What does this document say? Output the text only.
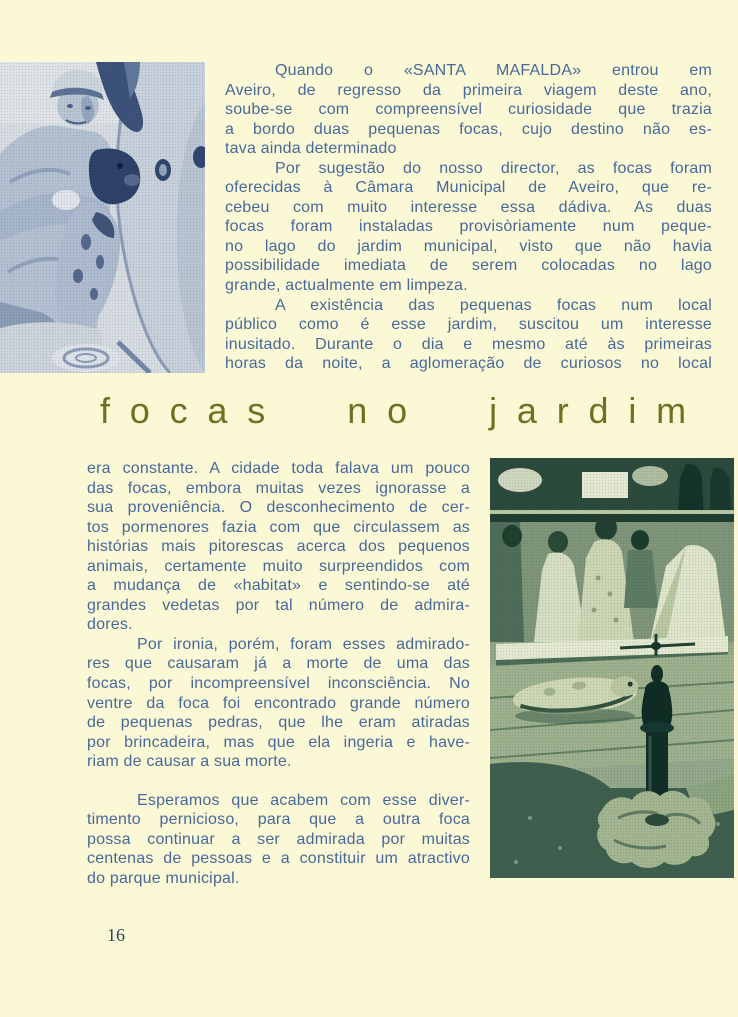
Quando o «SANTA MAFALDA» entrou em
Aveiro, de regresso da primeira viagem deste ano,
soube-se com compreensível curiosidade que trazia
a bordo duas pequenas focas, cujo destino não es-
tava ainda determinado
Por sugestão do nosso director, as focas foram
oferecidas à Câmara Municipal de Aveiro, que re-
cebeu com muito interesse essa dádiva. As duas
focas foram instaladas provisòriamente num peque-
no lago do jardim municipal, visto que não havia
possibilidade imediata de serem colocadas no lago
grande, actualmente em limpeza.
A existência das pequenas focas num local
público como é esse jardim, suscitou um interesse
inusitado. Durante o dia e mesmo até às primeiras
horas da noite, a aglomeração de curiosos no local
focas no jardim
era constante. A cidade toda falava um pouco
das focas, embora muitas vezes ignorasse a
sua proveniência. O desconhecimento de cer-
tos pormenores fazia com que circulassem as
histórias mais pitorescas acerca dos pequenos
animais, certamente muito surpreendidos com
a mudança de «habitat» e sentindo-se até
grandes vedetas por tal número de admira-
dores.
Por ironia, porém, foram esses admirado-
res que causaram já a morte de uma das
focas, por incompreensível inconsciência. No
ventre da foca foi encontrado grande número
de pequenas pedras, que lhe eram atiradas
por brincadeira, mas que ela ingeria e have-
riam de causar a sua morte.
Esperamos que acabem com esse diver-
timento pernicioso, para que a outra foca
possa continuar a ser admirada por muitas
centenas de pessoas e a constituir um atractivo
do parque municipal.
16
